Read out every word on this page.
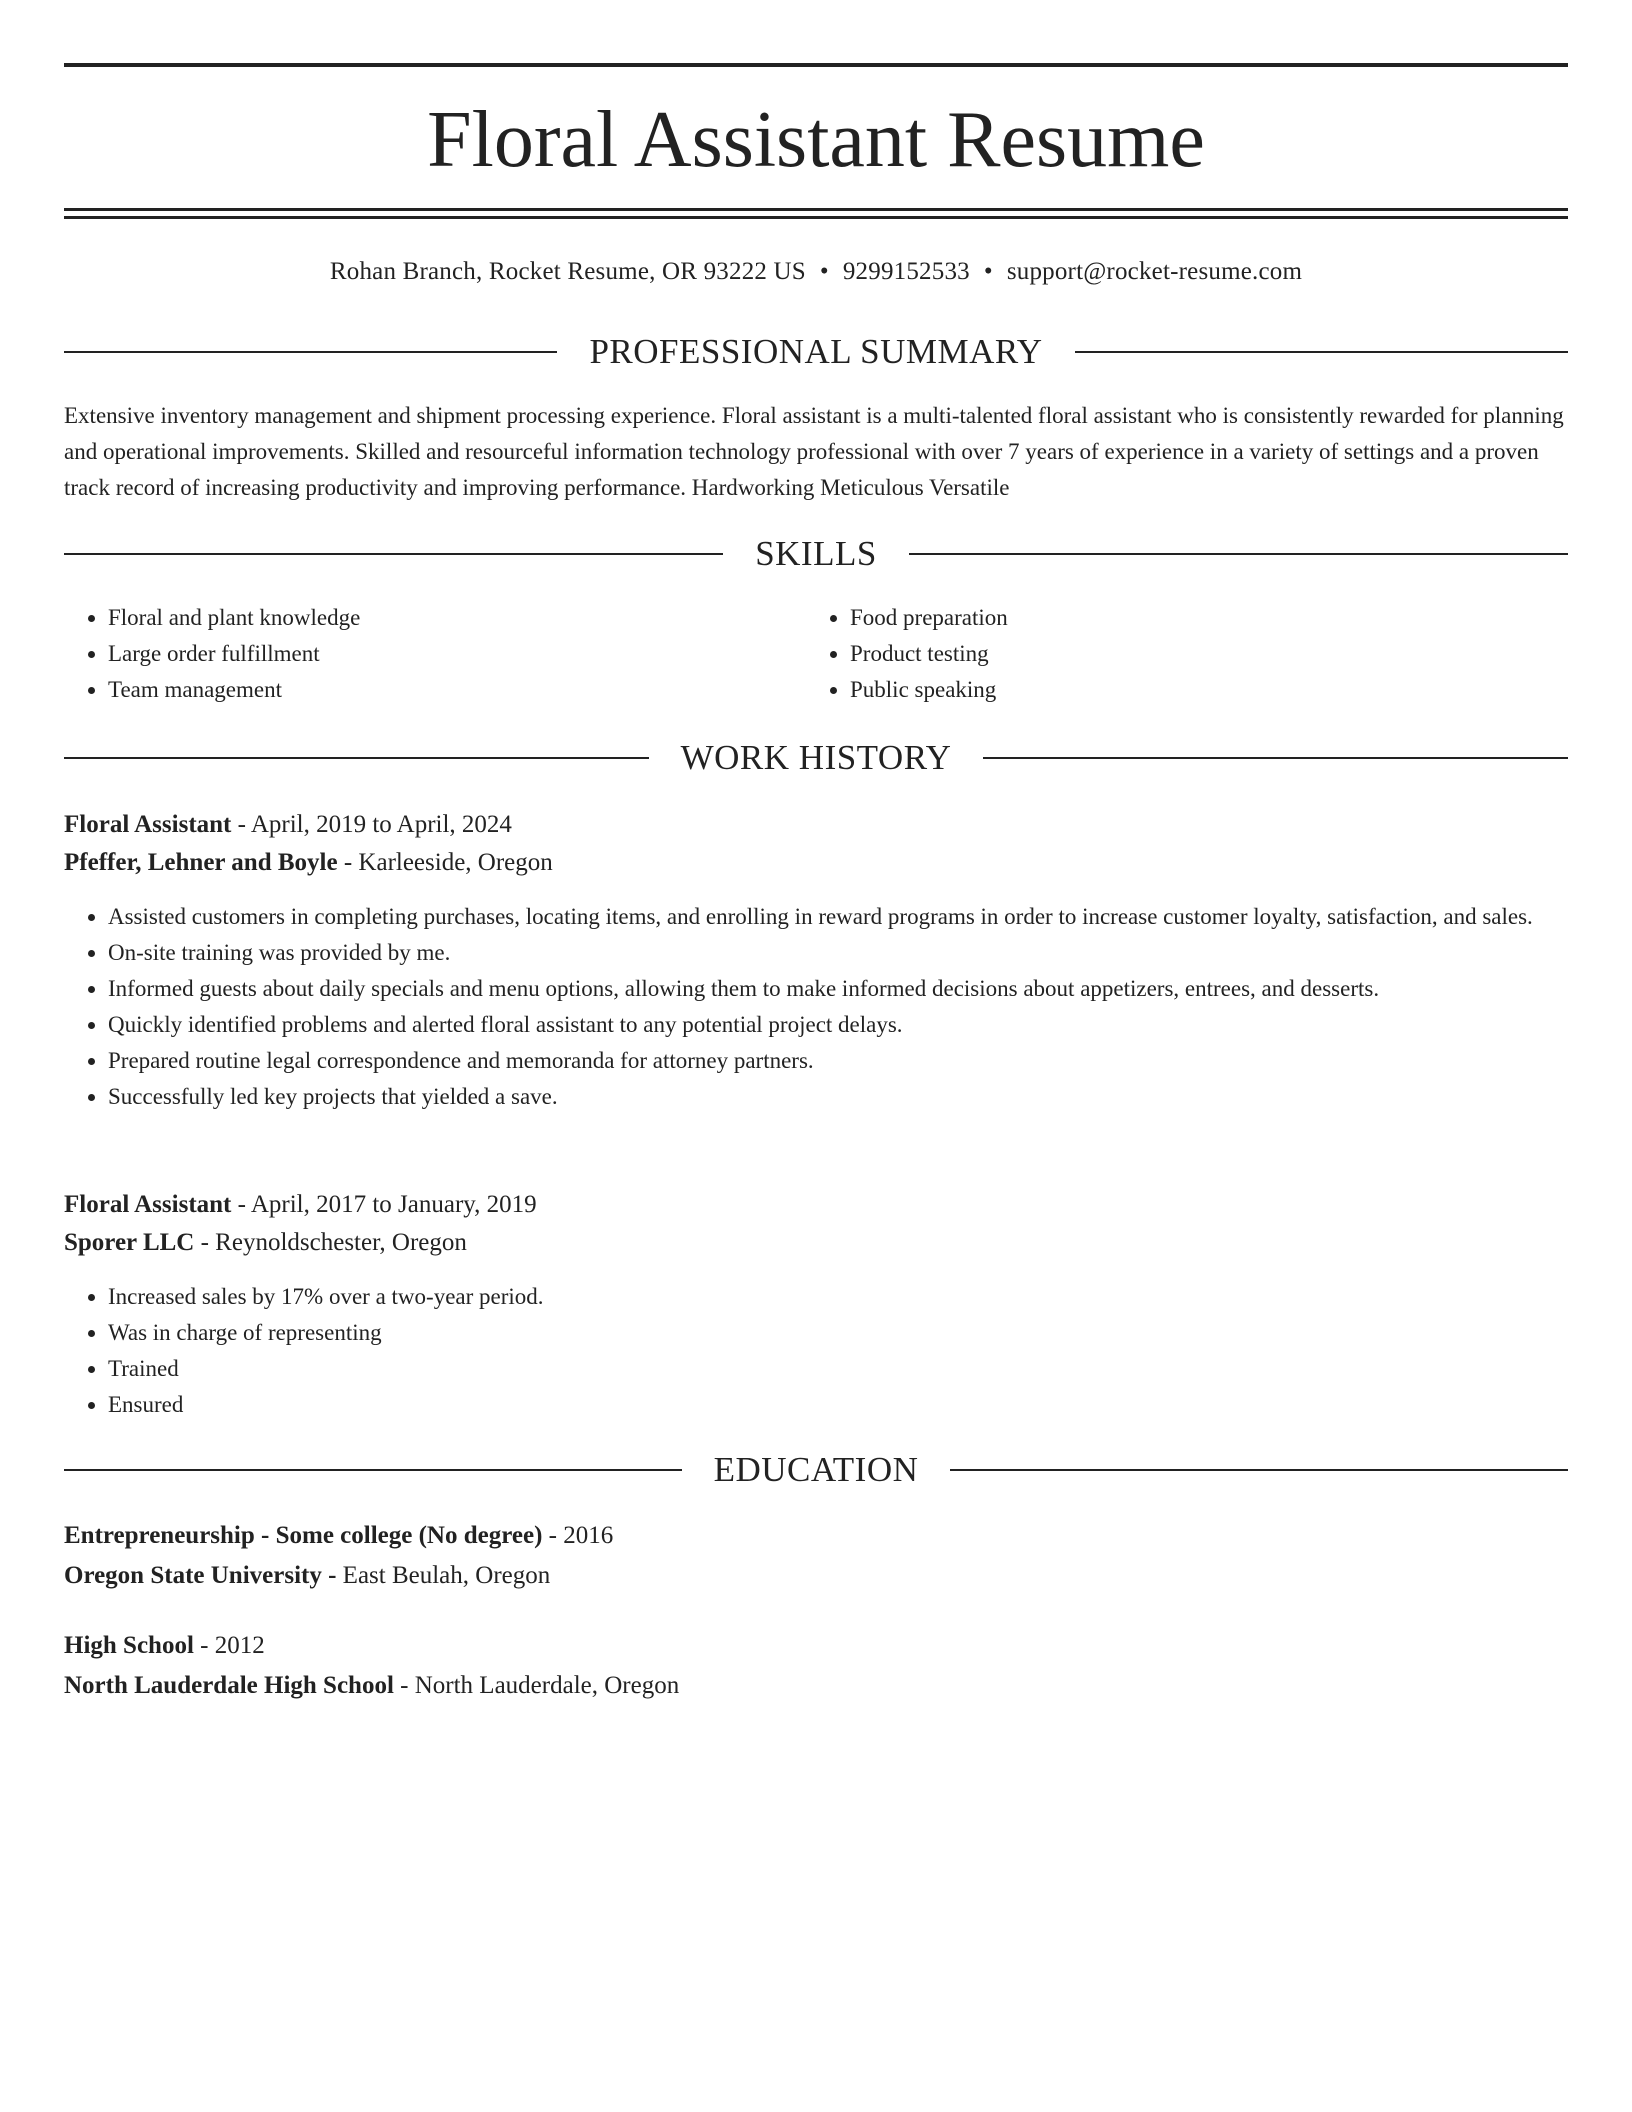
Floral Assistant Resume
Rohan Branch, Rocket Resume, OR 93222 US • 9299152533 • support@rocket-resume.com
PROFESSIONAL SUMMARY

Extensive inventory management and shipment processing experience. Floral assistant is a multi-talented floral assistant who is consistently rewarded for planning and operational improvements. Skilled and resourceful information technology professional with over 7 years of experience in a variety of settings and a proven track record of increasing productivity and improving performance. Hardworking Meticulous Versatile

SKILLS
• Floral and plant knowledge
• Large order fulfillment
• Team management
• Food preparation
• Product testing
• Public speaking
WORK HISTORY
Floral Assistant - April, 2019 to April, 2024
Pfeffer, Lehner and Boyle - Karleeside, Oregon
• Assisted customers in completing purchases, locating items, and enrolling in reward programs in order to increase customer loyalty, satisfaction, and sales.
• On-site training was provided by me.
• Informed guests about daily specials and menu options, allowing them to make informed decisions about appetizers, entrees, and desserts.
• Quickly identified problems and alerted floral assistant to any potential project delays.
• Prepared routine legal correspondence and memoranda for attorney partners.
• Successfully led key projects that yielded a save.
Floral Assistant - April, 2017 to January, 2019
Sporer LLC - Reynoldschester, Oregon
• Increased sales by 17% over a two-year period.
• Was in charge of representing
• Trained
• Ensured
EDUCATION
Entrepreneurship - Some college (No degree) - 2016
Oregon State University - East Beulah, Oregon
High School - 2012
North Lauderdale High School - North Lauderdale, Oregon
